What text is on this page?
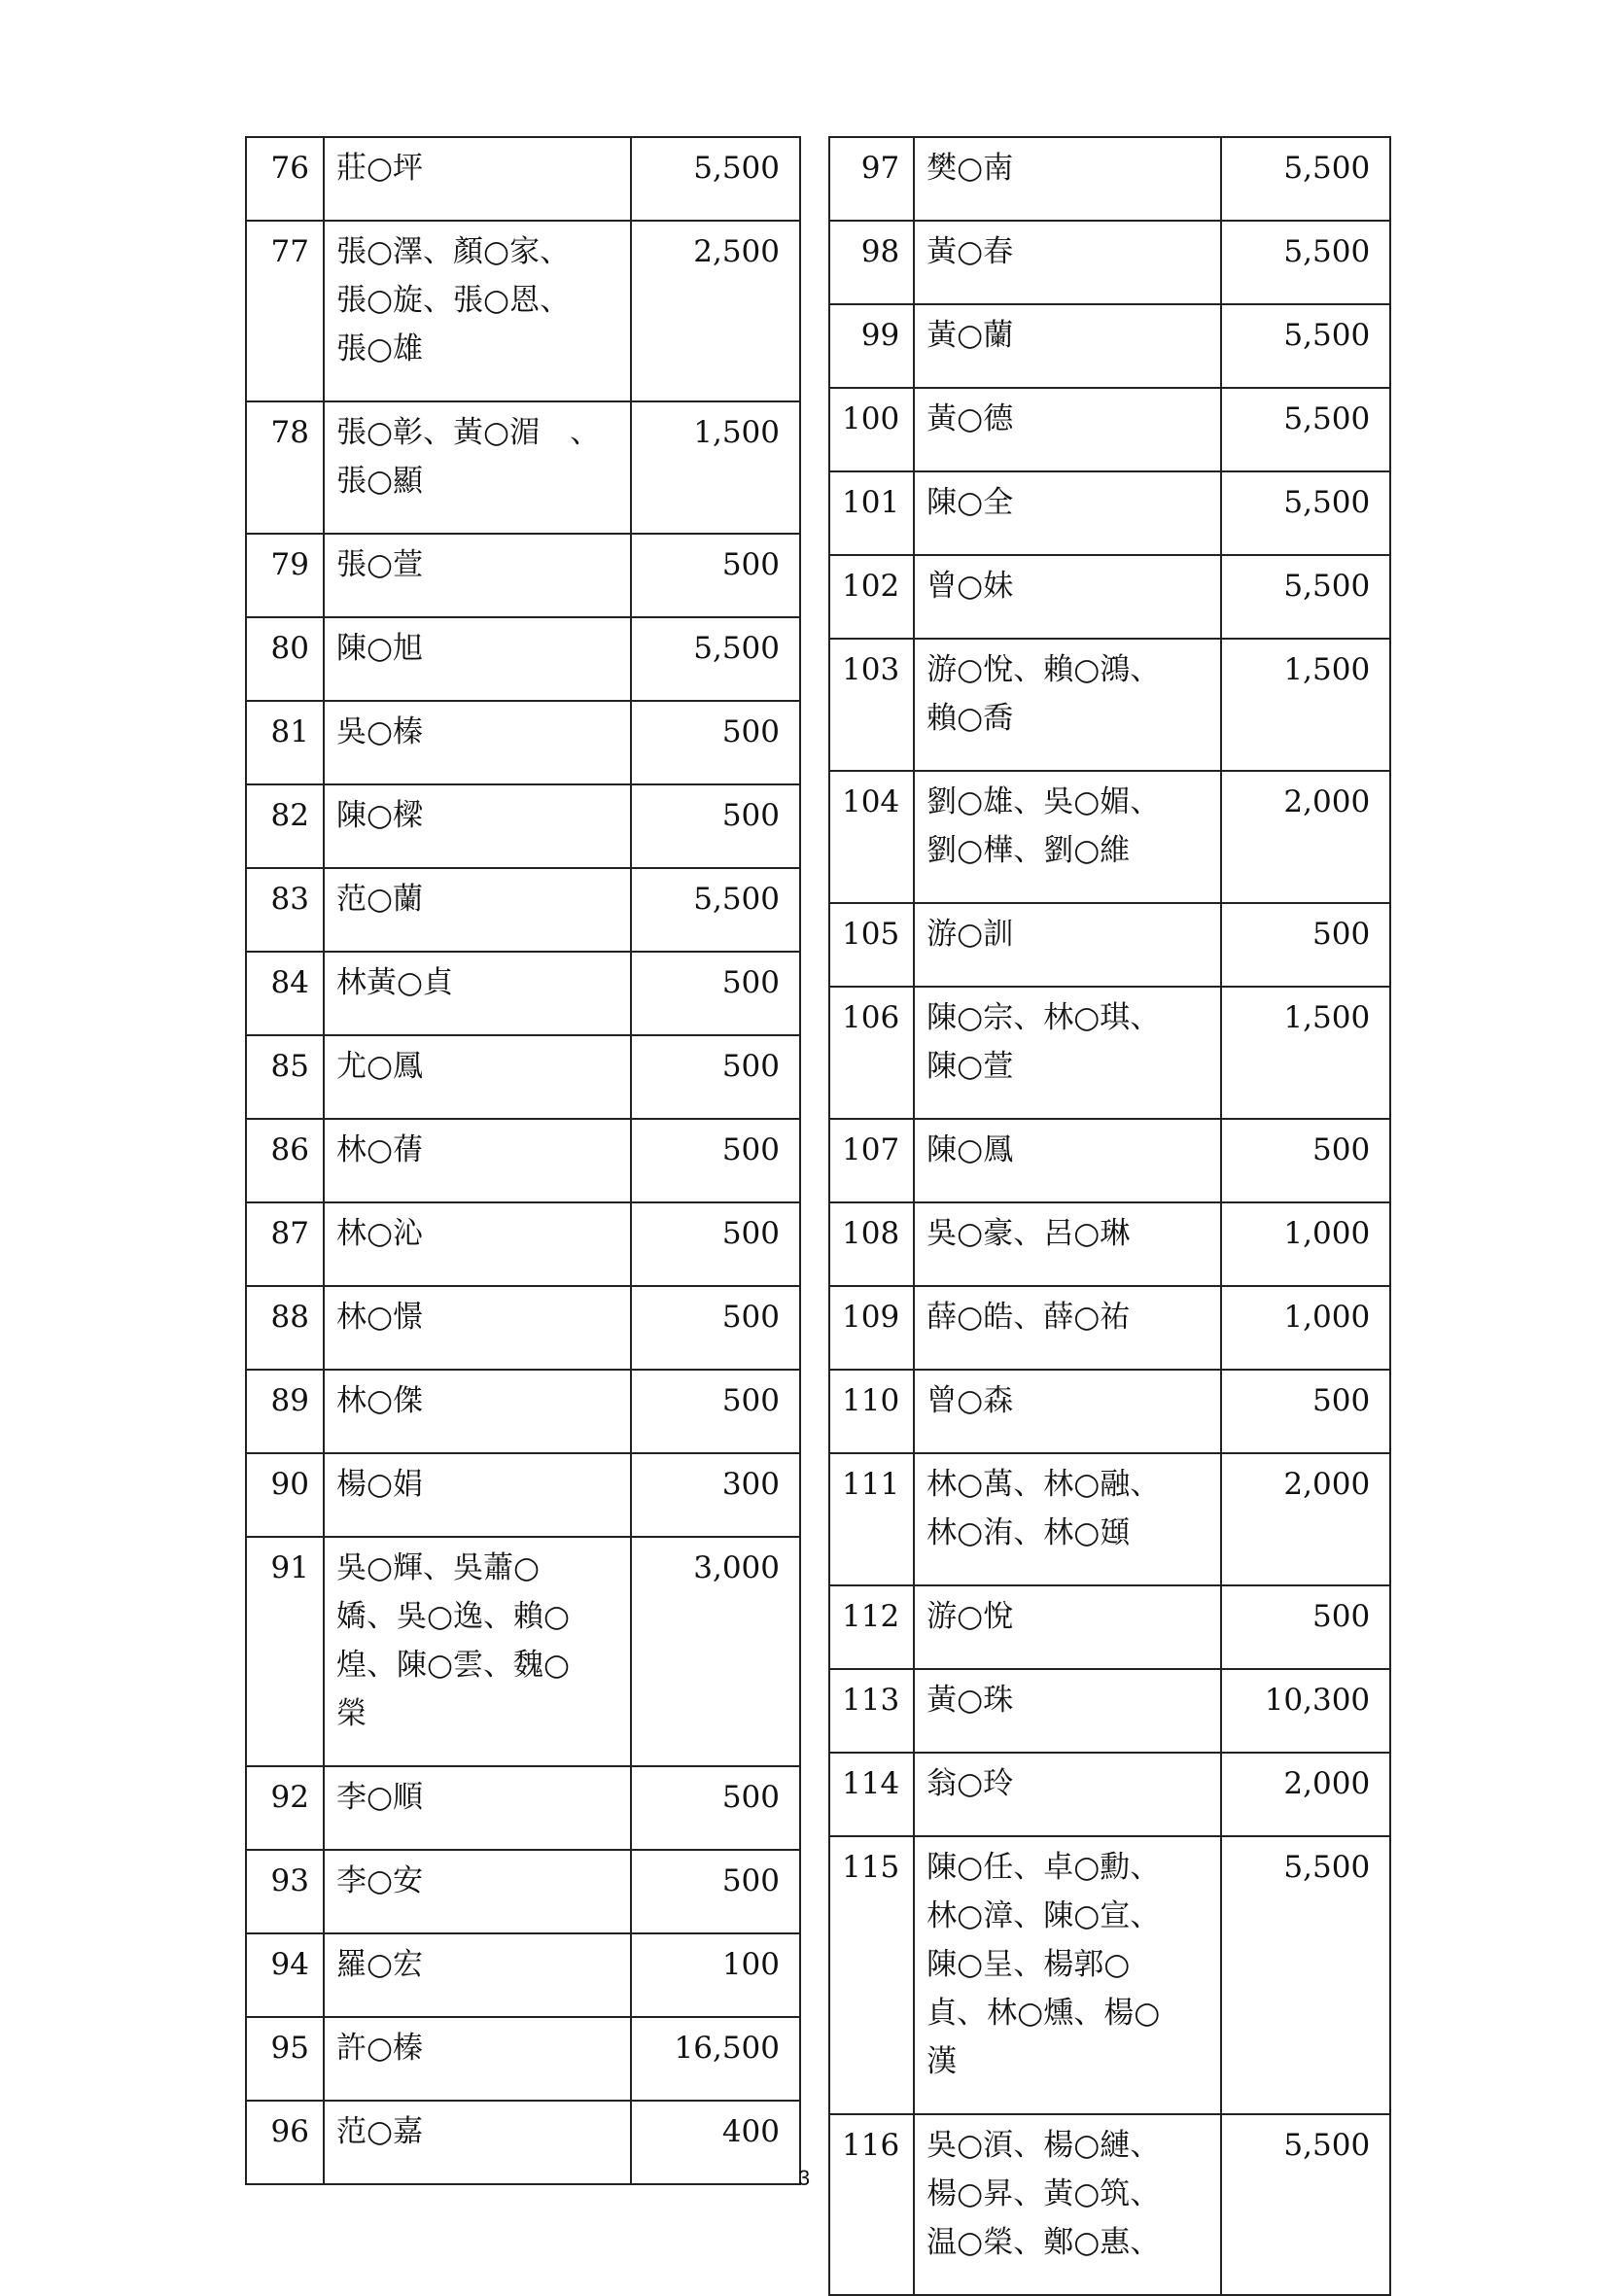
76	莊○坪	5,500
77	張○澤、顏○家、
張○旋、張○恩、
張○雄	2,500
78	張○彰、黃○湄　、
張○顯	1,500
79	張○萱	500
80	陳○旭	5,500
81	吳○榛	500
82	陳○樑	500
83	范○蘭	5,500
84	林黃○貞	500
85	尤○鳳	500
86	林○蒨	500
87	林○沁	500
88	林○憬	500
89	林○傑	500
90	楊○娟	300
91	吳○輝、吳蕭○
嬌、吳○逸、賴○
煌、陳○雲、魏○
榮	3,000
92	李○順	500
93	李○安	500
94	羅○宏	100
95	許○榛	16,500
96	范○嘉	400
97	樊○南	5,500
98	黃○春	5,500
99	黃○蘭	5,500
100	黃○德	5,500
101	陳○全	5,500
102	曾○妹	5,500
103	游○悅、賴○鴻、
賴○喬	1,500
104	劉○雄、吳○媚、
劉○樺、劉○維	2,000
105	游○訓	500
106	陳○宗、林○琪、
陳○萱	1,500
107	陳○鳳	500
108	吳○豪、呂○琳	1,000
109	薛○皓、薛○祐	1,000
110	曾○森	500
111	林○萬、林○融、
林○洧、林○頲	2,000
112	游○悅	500
113	黃○珠	10,300
114	翁○玲	2,000
115	陳○任、卓○勳、
林○漳、陳○宣、
陳○呈、楊郭○
貞、林○燻、楊○
漢	5,500
116	吳○湏、楊○縺、
楊○昇、黃○筑、
温○榮、鄭○惠、	5,500
3
